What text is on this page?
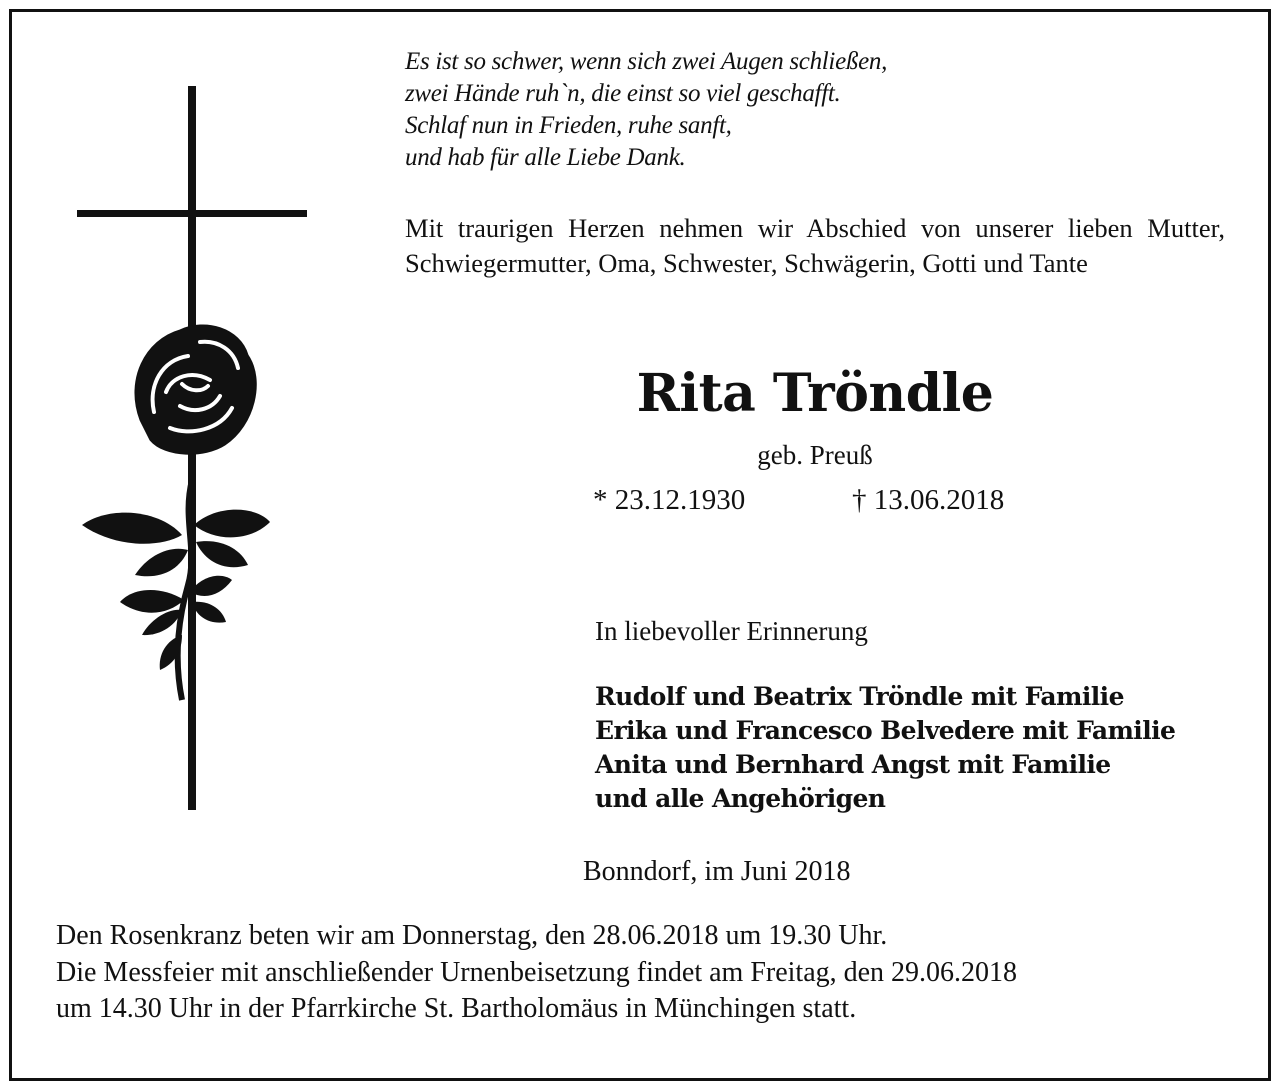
Es ist so schwer, wenn sich zwei Augen schließen,
zwei Hände ruh`n, die einst so viel geschafft.
Schlaf nun in Frieden, ruhe sanft,
und hab für alle Liebe Dank.
Mit traurigen Herzen nehmen wir Abschied von unserer lieben Mutter, Schwiegermutter, Oma, Schwester, Schwägerin, Gotti und Tante
Rita Tröndle
geb. Preuß
* 23.12.1930	† 13.06.2018
In liebevoller Erinnerung
Rudolf und Beatrix Tröndle mit Familie
Erika und Francesco Belvedere mit Familie
Anita und Bernhard Angst mit Familie
und alle Angehörigen
Bonndorf, im Juni 2018
Den Rosenkranz beten wir am Donnerstag, den 28.06.2018 um 19.30 Uhr.
Die Messfeier mit anschließender Urnenbeisetzung findet am Freitag, den 29.06.2018
um 14.30 Uhr in der Pfarrkirche St. Bartholomäus in Münchingen statt.
